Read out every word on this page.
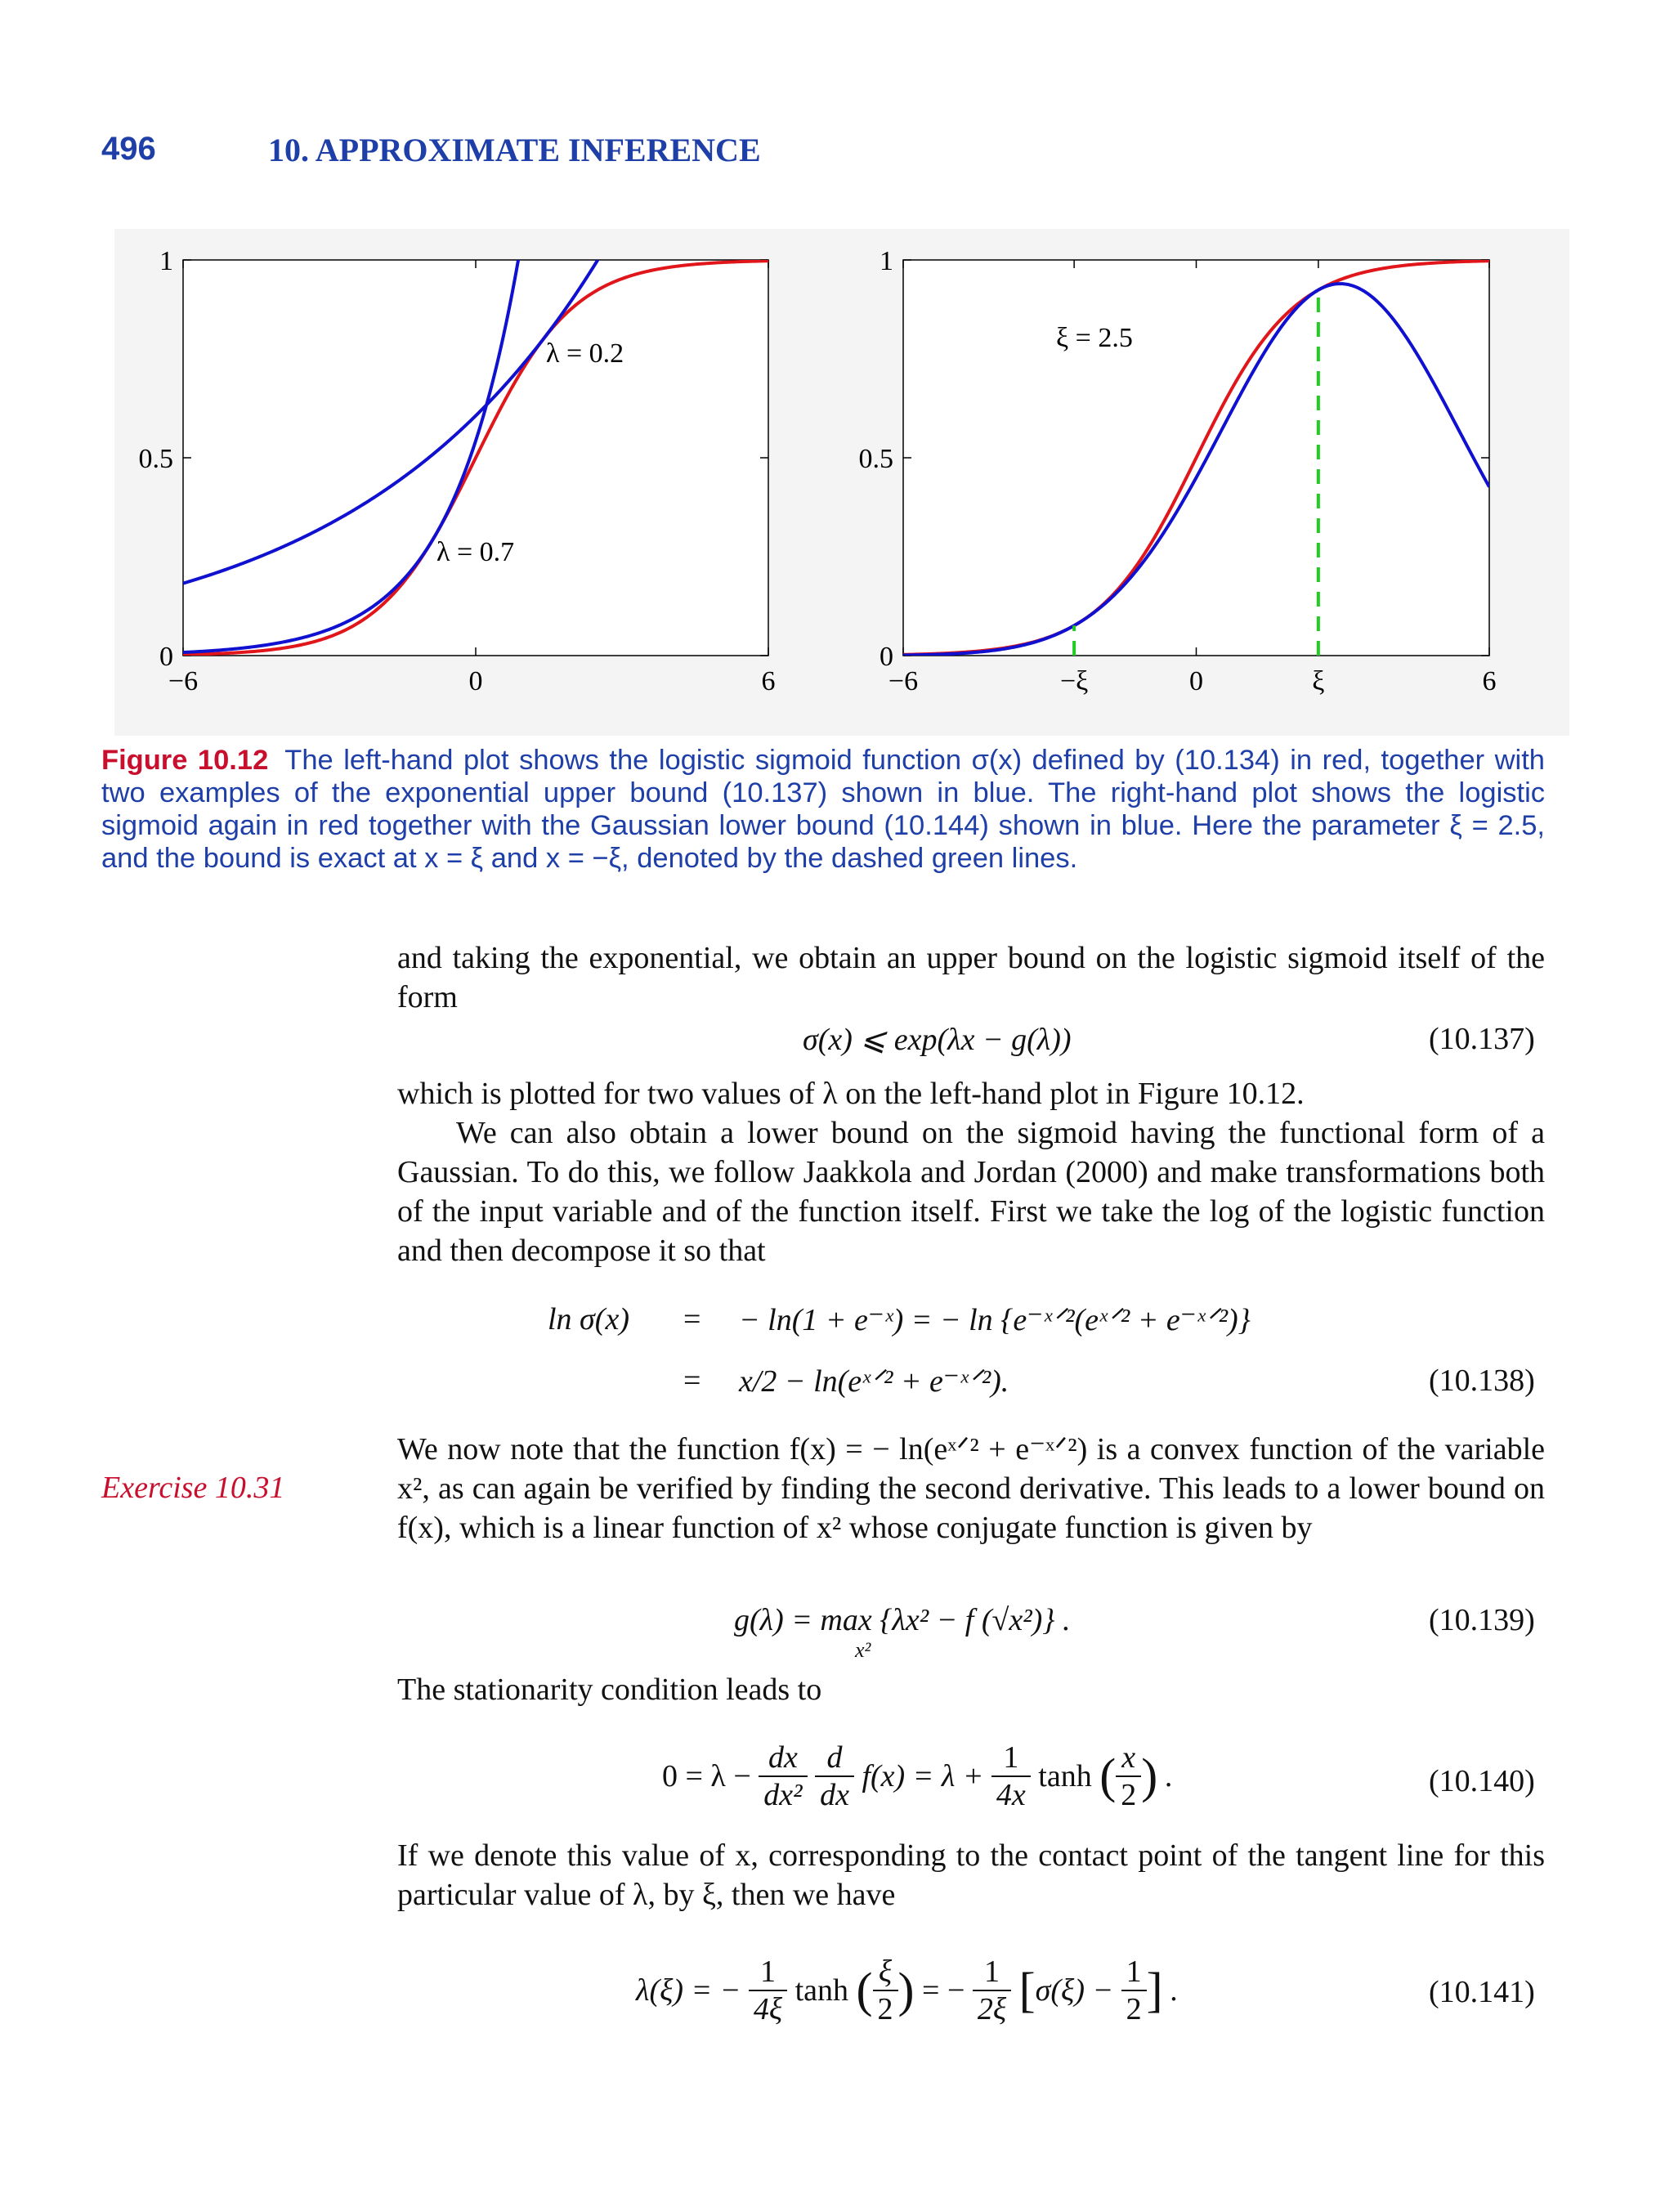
496	10. APPROXIMATE INFERENCE
−6	0	6
0
0.5
1
λ = 0.2
λ = 0.7
−6	−ξ	0	ξ	6
0
0.5
1
ξ = 2.5
Figure 10.12 The left-hand plot shows the logistic sigmoid function σ(x) defined by (10.134) in red, together with two examples of the exponential upper bound (10.137) shown in blue. The right-hand plot shows the logistic sigmoid again in red together with the Gaussian lower bound (10.144) shown in blue. Here the parameter ξ = 2.5, and the bound is exact at x = ξ and x = −ξ, denoted by the dashed green lines.
Exercise 10.31
and taking the exponential, we obtain an upper bound on the logistic sigmoid itself of the form
σ(x) ⩽ exp(λx − g(λ))	(10.137)
which is plotted for two values of λ on the left-hand plot in Figure 10.12.
We can also obtain a lower bound on the sigmoid having the functional form of a Gaussian. To do this, we follow Jaakkola and Jordan (2000) and make transformations both of the input variable and of the function itself. First we take the log of the logistic function and then decompose it so that
ln σ(x) = − ln(1 + e⁻ˣ) = − ln {e⁻ˣᐟ²(eˣᐟ² + e⁻ˣᐟ²)}
= x/2 − ln(eˣᐟ² + e⁻ˣᐟ²).	(10.138)
We now note that the function f(x) = − ln(eˣᐟ² + e⁻ˣᐟ²) is a convex function of the variable x², as can again be verified by finding the second derivative. This leads to a lower bound on f(x), which is a linear function of x² whose conjugate function is given by
g(λ) = max {λx² − f (√x²)} .
x²
(10.139)
The stationarity condition leads to
$0 = \lambda - \frac{dx}{\text{dx²}}$
$\frac{d}{dx} f(x) = \lambda + \frac{1}{4x}$ tanh ( $\frac{x}{2}$ ) .	(10.140)
If we denote this value of x, corresponding to the contact point of the tangent line for this particular value of λ, by ξ, then we have
λ(ξ) = − $\frac{1}{4\xi}$ tanh ( $\frac{\xi}{2}$ ) = − $\frac{1}{2\xi} [\sigma(\xi) - \frac{1}{2}$ ] .	(10.141)
